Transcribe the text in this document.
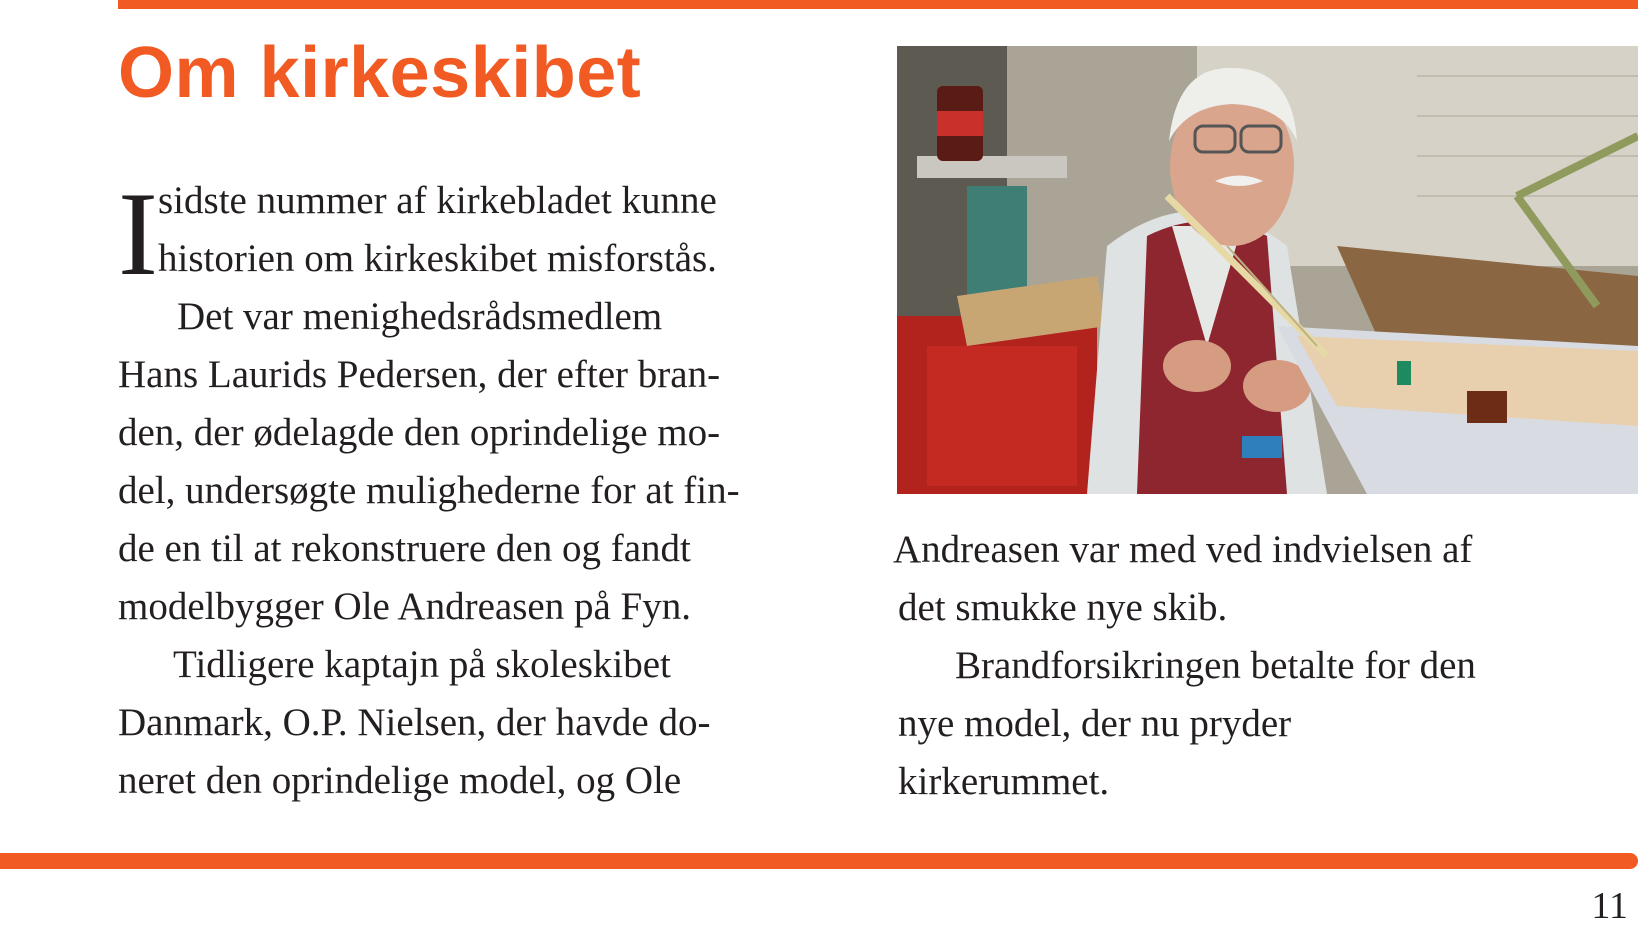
Om kirkeskibet
I sidste nummer af kirkebladet kunne
historien om kirkeskibet misforstås.
Det var menighedsrådsmedlem
Hans Laurids Pedersen, der efter bran-
den, der ødelagde den oprindelige mo-
del, undersøgte mulighederne for at fin-
de en til at rekonstruere den og fandt
modelbygger Ole Andreasen på Fyn.
Tidligere kaptajn på skoleskibet
Danmark, O.P. Nielsen, der havde do-
neret den oprindelige model, og Ole
Andreasen var med ved indvielsen af
det smukke nye skib.
Brandforsikringen betalte for den
nye model, der nu pryder
kirkerummet.
11
